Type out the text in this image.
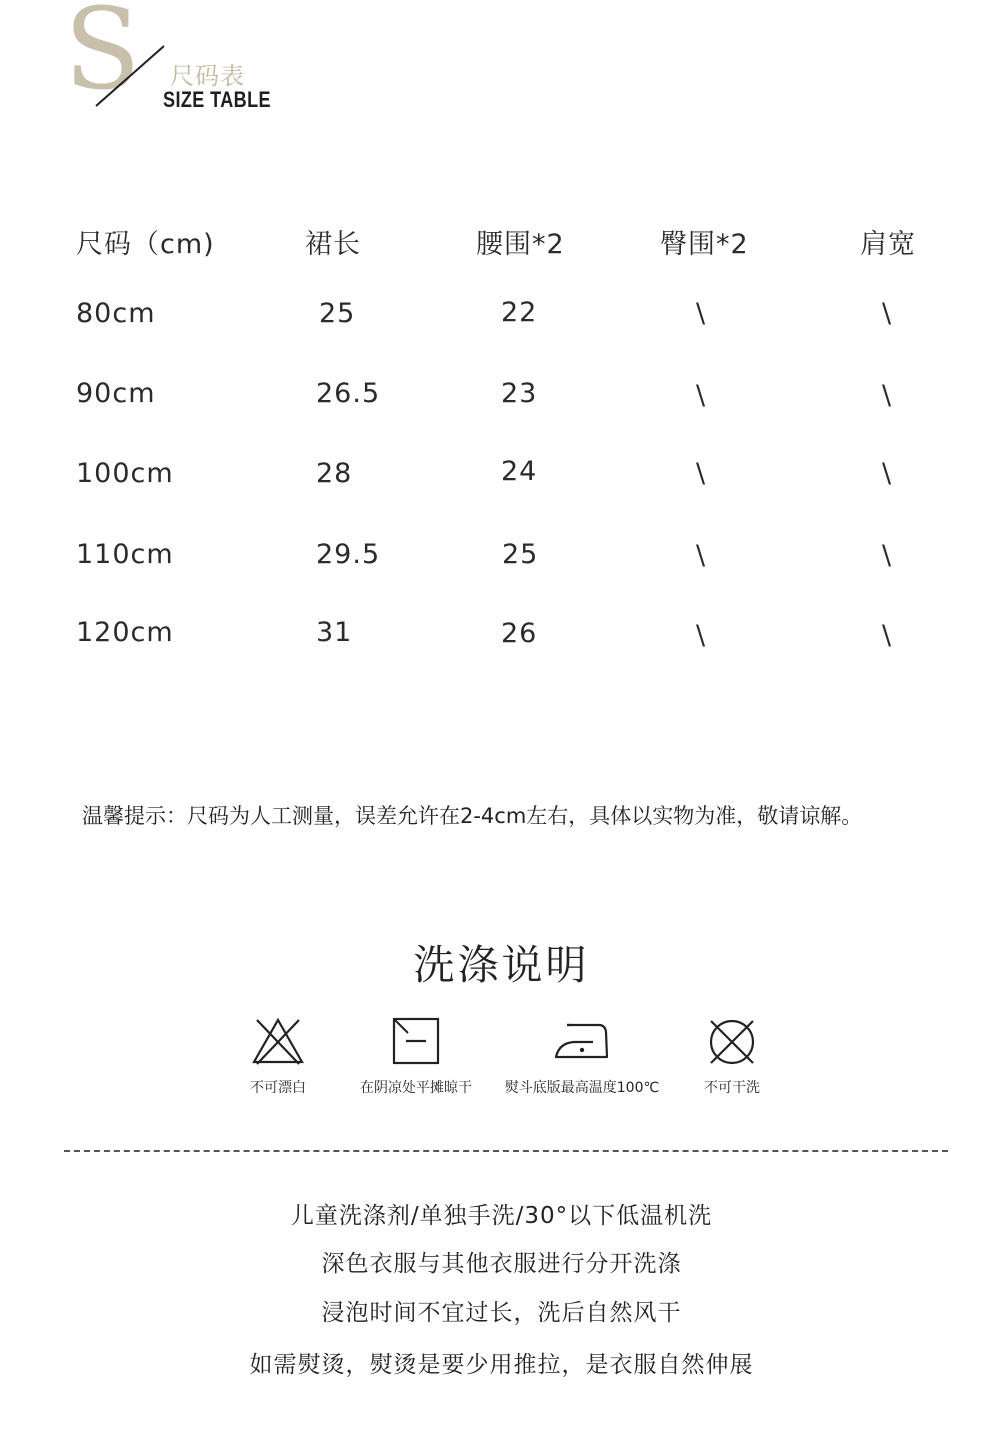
S 尺码表
SIZE TABLE
尺码（cm)	裙长	腰围*2	臀围*2	肩宽
80cm	25	22	\	\
90cm	26.5	23	\	\
100cm	28	24	\	\
110cm	29.5	25	\	\
120cm	31	26	\	\
温馨提示：尺码为人工测量，误差允许在2-4cm左右，具体以实物为准，敬请谅解。
洗涤说明
不可漂白	在阴凉处平摊晾干 熨斗底版最高温度100℃	不可干洗
儿童洗涤剂/单独手洗/30°以下低温机洗
深色衣服与其他衣服进行分开洗涤
浸泡时间不宜过长，洗后自然风干
如需熨烫，熨烫是要少用推拉，是衣服自然伸展
